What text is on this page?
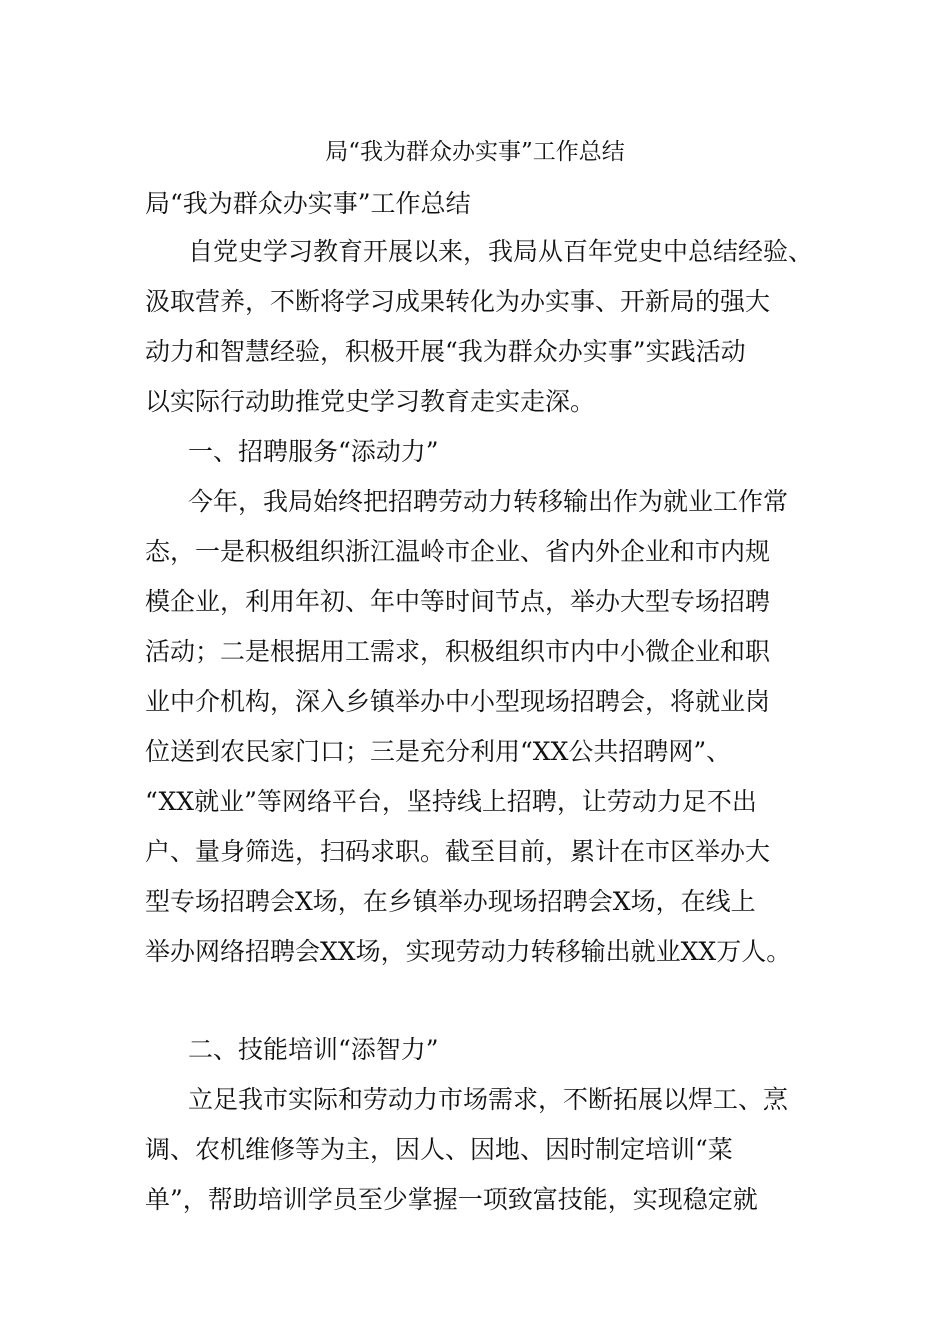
局“我为群众办实事”工作总结
局“我为群众办实事”工作总结
自党史学习教育开展以来，我局从百年党史中总结经验、
汲取营养，不断将学习成果转化为办实事、开新局的强大
动力和智慧经验，积极开展“我为群众办实事”实践活动
以实际行动助推党史学习教育走实走深。
一、招聘服务“添动力”
今年，我局始终把招聘劳动力转移输出作为就业工作常
态，一是积极组织浙江温岭市企业、省内外企业和市内规
模企业，利用年初、年中等时间节点，举办大型专场招聘
活动；二是根据用工需求，积极组织市内中小微企业和职
业中介机构，深入乡镇举办中小型现场招聘会，将就业岗
位送到农民家门口；三是充分利用“XX公共招聘网”、
“XX就业”等网络平台，坚持线上招聘，让劳动力足不出
户、量身筛选，扫码求职。截至目前，累计在市区举办大
型专场招聘会X场，在乡镇举办现场招聘会X场，在线上
举办网络招聘会XX场，实现劳动力转移输出就业XX万人。
二、技能培训“添智力”
立足我市实际和劳动力市场需求，不断拓展以焊工、烹
调、农机维修等为主，因人、因地、因时制定培训“菜
单”，帮助培训学员至少掌握一项致富技能，实现稳定就
